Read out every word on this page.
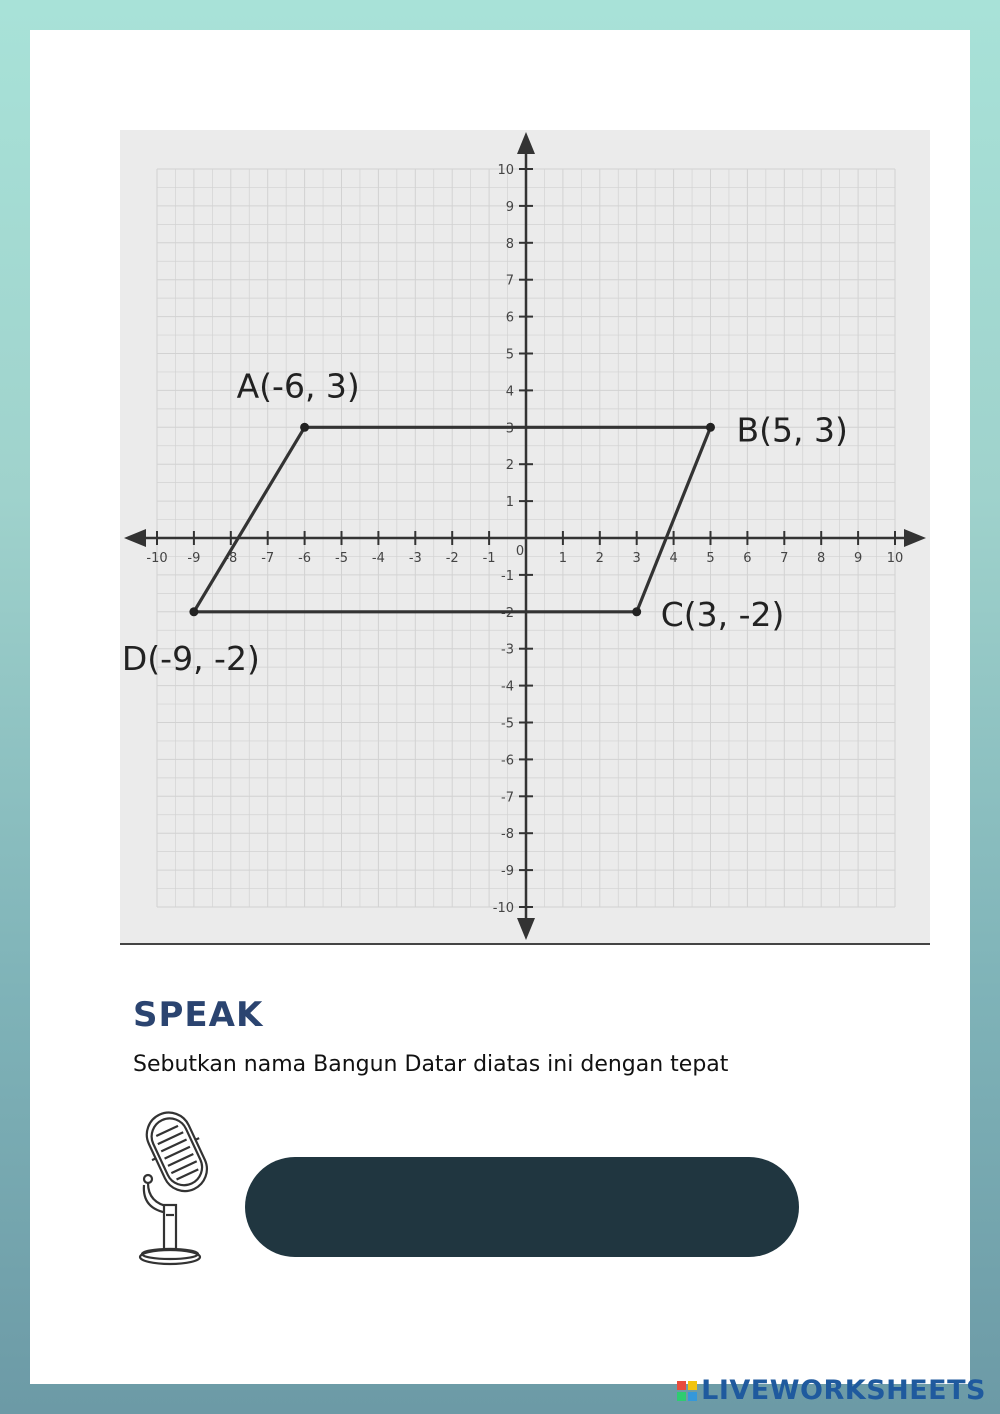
-10 -9 -8 -7 -6 -5 -4 -3 -2 -1	1 2 3 4 5 6 7 8 9 10
10
9
8
7
6
5
4
3
2
1
-1
-2
-3
-4
-5
-6
-7
-8
-9
-10
0
A(-6, 3)
B(5, 3)
C(3, -2)
D(-9, -2)
SPEAK
Sebutkan nama Bangun Datar diatas ini dengan tepat
LIVEWORKSHEETS
